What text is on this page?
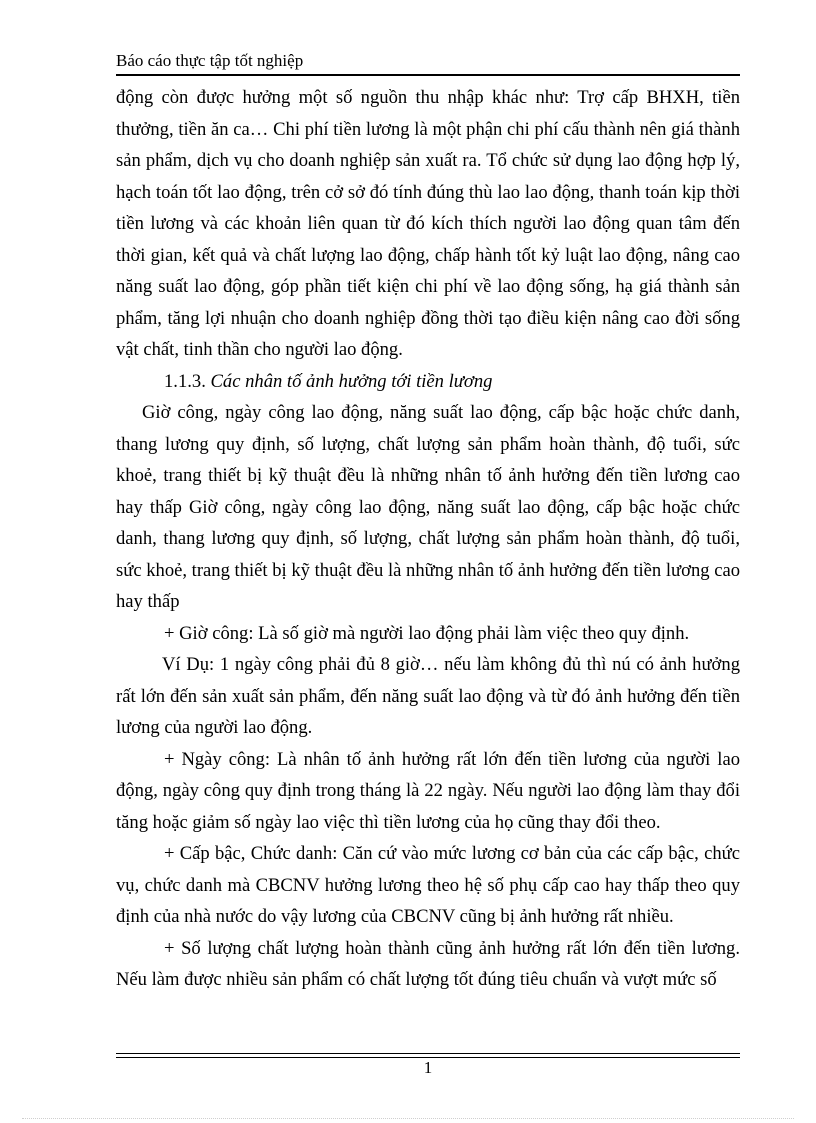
Báo cáo thực tập tốt nghiệp

động còn được hưởng một số nguồn thu nhập khác như: Trợ cấp BHXH, tiền thưởng, tiền ăn ca… Chi phí tiền lương là một phận chi phí cấu thành nên giá thành sản phẩm, dịch vụ cho doanh nghiệp sản xuất ra. Tổ chức sử dụng lao động hợp lý, hạch toán tốt lao động, trên cở sở đó tính đúng thù lao lao động, thanh toán kịp thời tiền lương và các khoản liên quan từ đó kích thích người lao động quan tâm đến thời gian, kết quả và chất lượng lao động, chấp hành tốt kỷ luật lao động, nâng cao năng suất lao động, góp phần tiết kiện chi phí về lao động sống, hạ giá thành sản phẩm, tăng lợi nhuận cho doanh nghiệp đồng thời tạo điều kiện nâng cao đời sống vật chất, tinh thần cho người lao động.

1.1.3. Các nhân tố ảnh hưởng tới tiền lương

Giờ công, ngày công lao động, năng suất lao động, cấp bậc hoặc chức danh, thang lương quy định, số lượng, chất lượng sản phẩm hoàn thành, độ tuổi, sức khoẻ, trang thiết bị kỹ thuật đều là những nhân tố ảnh hưởng đến tiền lương cao hay thấp Giờ công, ngày công lao động, năng suất lao động, cấp bậc hoặc chức danh, thang lương quy định, số lượng, chất lượng sản phẩm hoàn thành, độ tuổi, sức khoẻ, trang thiết bị kỹ thuật đều là những nhân tố ảnh hưởng đến tiền lương cao hay thấp

+ Giờ công: Là số giờ mà người lao động phải làm việc theo quy định.

Ví Dụ: 1 ngày công phải đủ 8 giờ… nếu làm không đủ thì nú có ảnh hưởng rất lớn đến sản xuất sản phẩm, đến năng suất lao động và từ đó ảnh hưởng đến tiền lương của người lao động.

+ Ngày công: Là nhân tố ảnh hưởng rất lớn đến tiền lương của người lao động, ngày công quy định trong tháng là 22 ngày. Nếu người lao động làm thay đổi tăng hoặc giảm số ngày lao việc thì tiền lương của họ cũng thay đổi theo.

+ Cấp bậc, Chức danh: Căn cứ vào mức lương cơ bản của các cấp bậc, chức vụ, chức danh mà CBCNV hưởng lương theo hệ số phụ cấp cao hay thấp theo quy định của nhà nước do vậy lương của CBCNV cũng bị ảnh hưởng rất nhiều.

+ Số lượng chất lượng hoàn thành cũng ảnh hưởng rất lớn đến tiền lương. Nếu làm được nhiều sản phẩm có chất lượng tốt đúng tiêu chuẩn và vượt mức số

1
